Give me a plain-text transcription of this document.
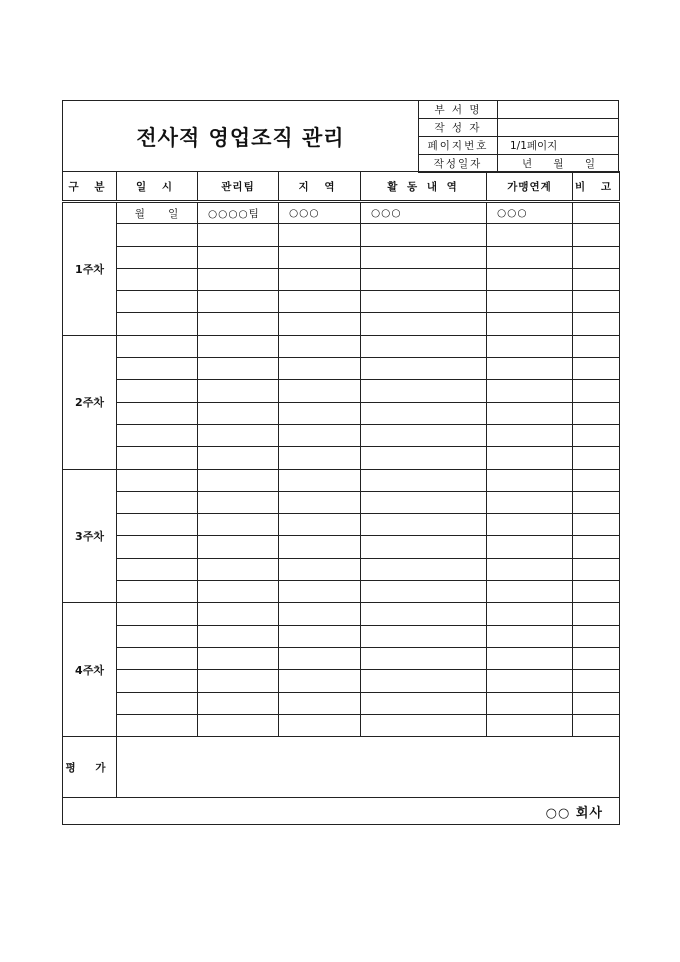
전사적 영업조직 관리
부 서 명	
작 성 자	
페이지번호	1/1페이지
작성일자	년 월 일
구 분	일 시	관리팀	지 역	활 동 내 역	가맹연계	비 고
1주차	월 일	○○○○팀	○○○	○○○	○○○	

2주차						

3주차						

4주차						

평 가						
○○ 회사						
